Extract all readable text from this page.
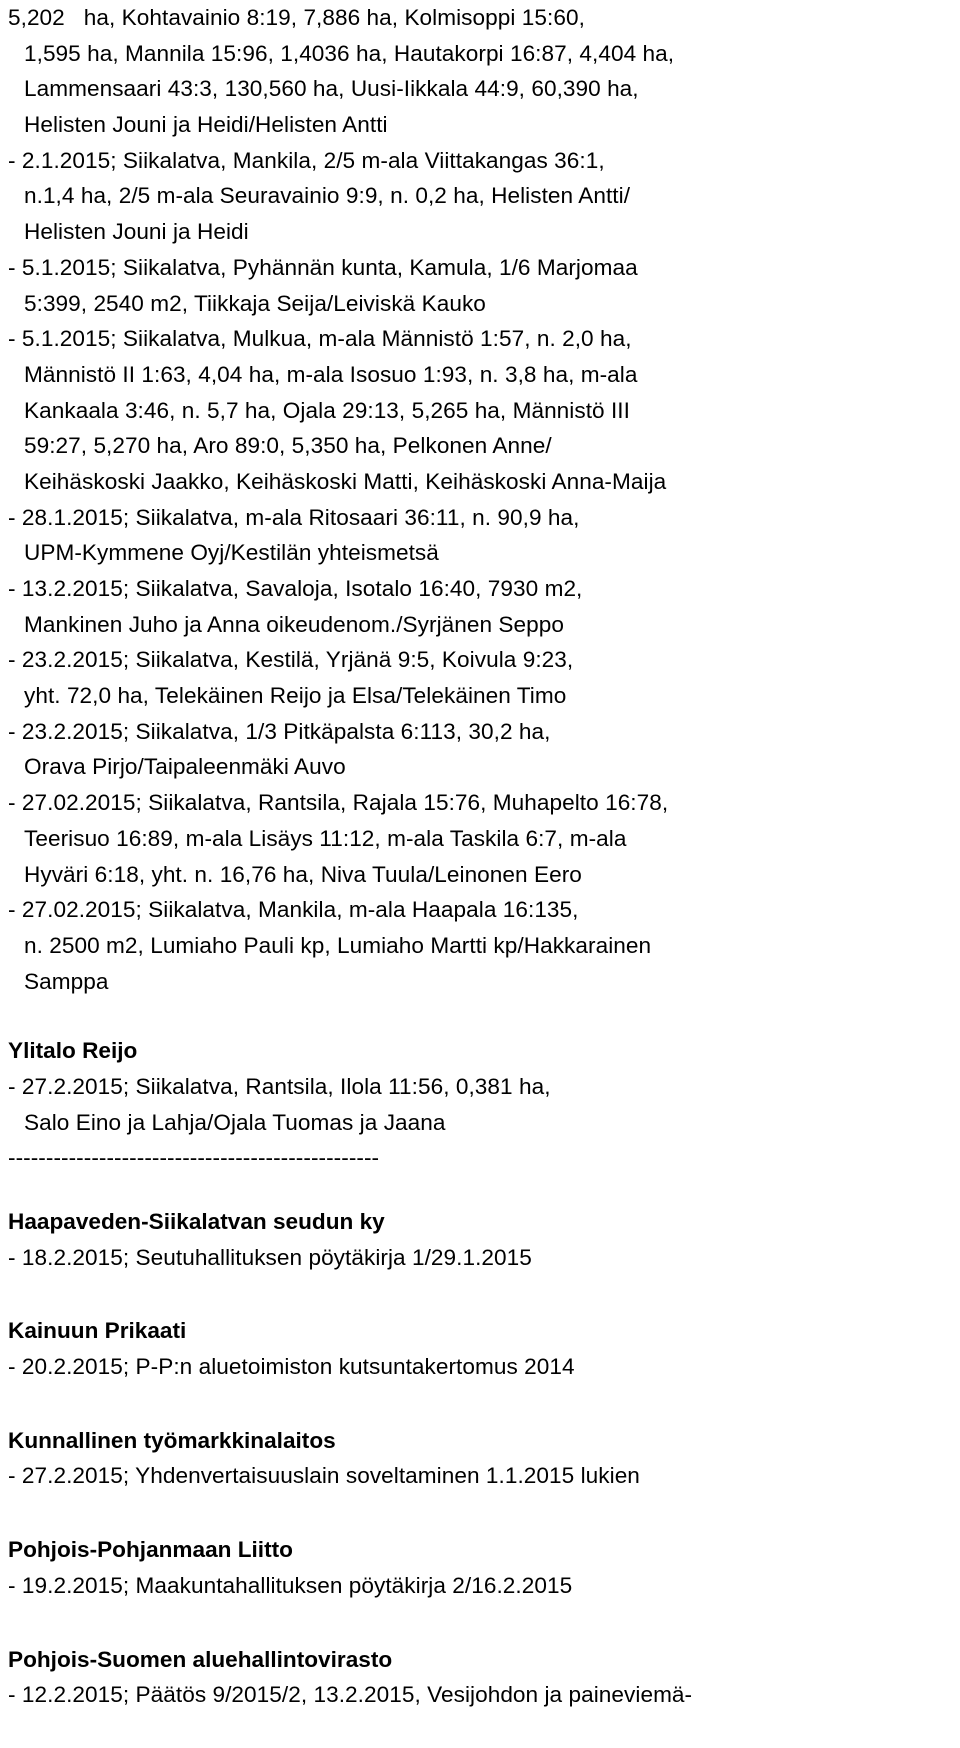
5,202   ha, Kohtavainio 8:19, 7,886 ha, Kolmisoppi 15:60,
1,595 ha, Mannila 15:96, 1,4036 ha, Hautakorpi 16:87, 4,404 ha,
Lammensaari 43:3, 130,560 ha, Uusi-Iikkala 44:9, 60,390 ha,
Helisten Jouni ja Heidi/Helisten Antti
- 2.1.2015; Siikalatva, Mankila, 2/5 m-ala Viittakangas 36:1,
n.1,4 ha, 2/5 m-ala Seuravainio 9:9, n. 0,2 ha, Helisten Antti/
Helisten Jouni ja Heidi
- 5.1.2015; Siikalatva, Pyhännän kunta, Kamula, 1/6 Marjomaa
5:399, 2540 m2, Tiikkaja Seija/Leiviskä Kauko
- 5.1.2015; Siikalatva, Mulkua, m-ala Männistö 1:57, n. 2,0 ha,
Männistö II 1:63, 4,04 ha, m-ala Isosuo 1:93, n. 3,8 ha, m-ala
Kankaala 3:46, n. 5,7 ha, Ojala 29:13, 5,265 ha, Männistö III
59:27, 5,270 ha, Aro 89:0, 5,350 ha, Pelkonen Anne/
Keihäskoski Jaakko, Keihäskoski Matti, Keihäskoski Anna-Maija
- 28.1.2015; Siikalatva, m-ala Ritosaari 36:11, n. 90,9 ha,
UPM-Kymmene Oyj/Kestilän yhteismetsä
- 13.2.2015; Siikalatva, Savaloja, Isotalo 16:40, 7930 m2,
Mankinen Juho ja Anna oikeudenom./Syrjänen Seppo
- 23.2.2015; Siikalatva, Kestilä, Yrjänä 9:5, Koivula 9:23,
yht. 72,0 ha, Telekäinen Reijo ja Elsa/Telekäinen Timo
- 23.2.2015; Siikalatva, 1/3 Pitkäpalsta 6:113, 30,2 ha,
Orava Pirjo/Taipaleenmäki Auvo
- 27.02.2015; Siikalatva, Rantsila, Rajala 15:76, Muhapelto 16:78,
Teerisuo 16:89, m-ala Lisäys 11:12, m-ala Taskila 6:7, m-ala
Hyväri 6:18, yht. n. 16,76 ha, Niva Tuula/Leinonen Eero
- 27.02.2015; Siikalatva, Mankila, m-ala Haapala 16:135,
n. 2500 m2, Lumiaho Pauli kp, Lumiaho Martti kp/Hakkarainen
Samppa
Ylitalo Reijo
- 27.2.2015; Siikalatva, Rantsila, Ilola 11:56, 0,381 ha,
Salo Eino ja Lahja/Ojala Tuomas ja Jaana
-------------------------------------------------
Haapaveden-Siikalatvan seudun ky
- 18.2.2015; Seutuhallituksen pöytäkirja 1/29.1.2015
Kainuun Prikaati
- 20.2.2015; P-P:n aluetoimiston kutsuntakertomus 2014
Kunnallinen työmarkkinalaitos
- 27.2.2015; Yhdenvertaisuuslain soveltaminen 1.1.2015 lukien
Pohjois-Pohjanmaan Liitto
- 19.2.2015; Maakuntahallituksen pöytäkirja 2/16.2.2015
Pohjois-Suomen aluehallintovirasto
- 12.2.2015; Päätös 9/2015/2, 13.2.2015, Vesijohdon ja paineviemä-
